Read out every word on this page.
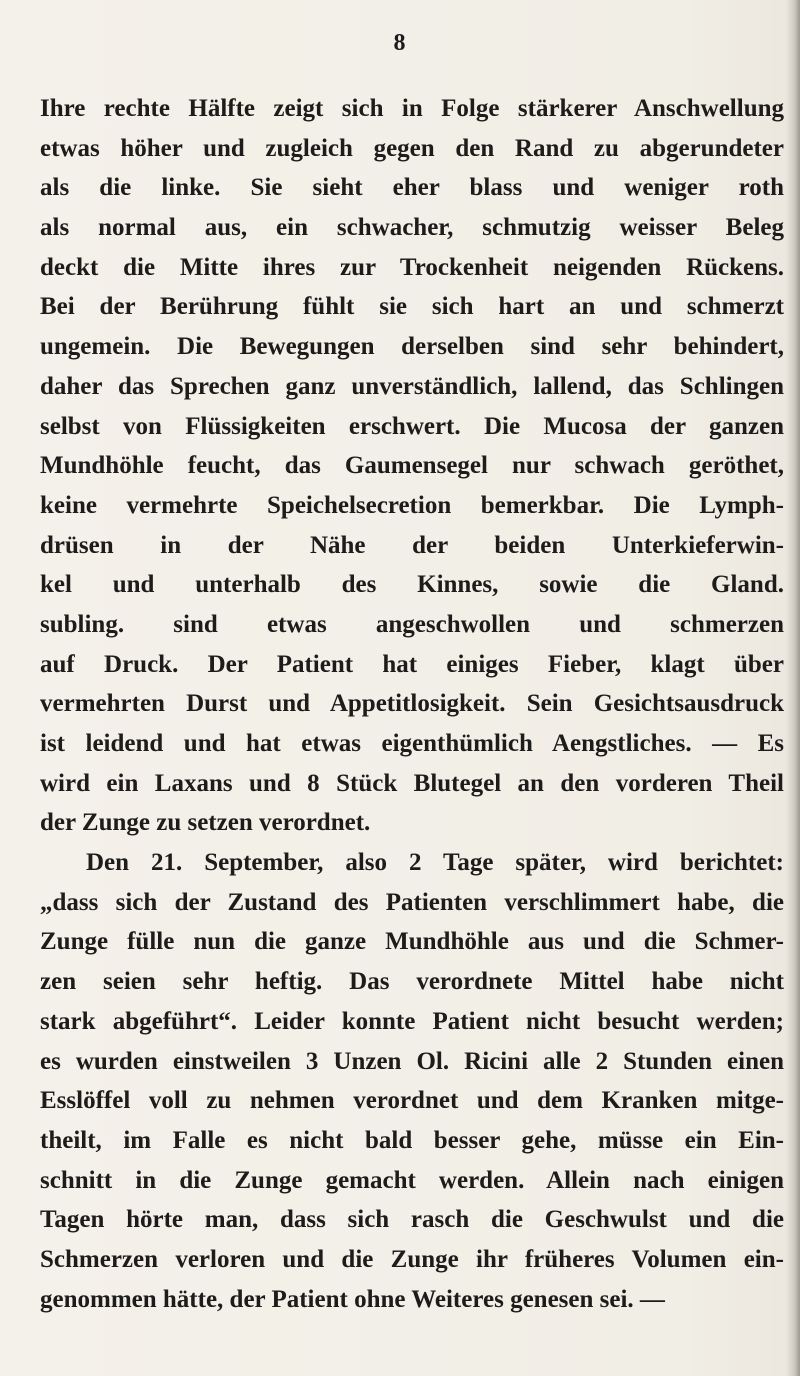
8
Ihre rechte Hälfte zeigt sich in Folge stärkerer Anschwellung
etwas höher und zugleich gegen den Rand zu abgerundeter
als die linke. Sie sieht eher blass und weniger roth
als normal aus, ein schwacher, schmutzig weisser Beleg
deckt die Mitte ihres zur Trockenheit neigenden Rückens.
Bei der Berührung fühlt sie sich hart an und schmerzt
ungemein. Die Bewegungen derselben sind sehr behindert,
daher das Sprechen ganz unverständlich, lallend, das Schlingen
selbst von Flüssigkeiten erschwert. Die Mucosa der ganzen
Mundhöhle feucht, das Gaumensegel nur schwach geröthet,
keine vermehrte Speichelsecretion bemerkbar. Die Lymph-
drüsen in der Nähe der beiden Unterkieferwin-
kel und unterhalb des Kinnes, sowie die Gland.
subling. sind etwas angeschwollen und schmerzen
auf Druck. Der Patient hat einiges Fieber, klagt über
vermehrten Durst und Appetitlosigkeit. Sein Gesichtsausdruck
ist leidend und hat etwas eigenthümlich Aengstliches. — Es
wird ein Laxans und 8 Stück Blutegel an den vorderen Theil
der Zunge zu setzen verordnet.
Den 21. September, also 2 Tage später, wird berichtet:
„dass sich der Zustand des Patienten verschlimmert habe, die
Zunge fülle nun die ganze Mundhöhle aus und die Schmer-
zen seien sehr heftig. Das verordnete Mittel habe nicht
stark abgeführt“. Leider konnte Patient nicht besucht werden;
es wurden einstweilen 3 Unzen Ol. Ricini alle 2 Stunden einen
Esslöffel voll zu nehmen verordnet und dem Kranken mitge-
theilt, im Falle es nicht bald besser gehe, müsse ein Ein-
schnitt in die Zunge gemacht werden. Allein nach einigen
Tagen hörte man, dass sich rasch die Geschwulst und die
Schmerzen verloren und die Zunge ihr früheres Volumen ein-
genommen hätte, der Patient ohne Weiteres genesen sei. —
